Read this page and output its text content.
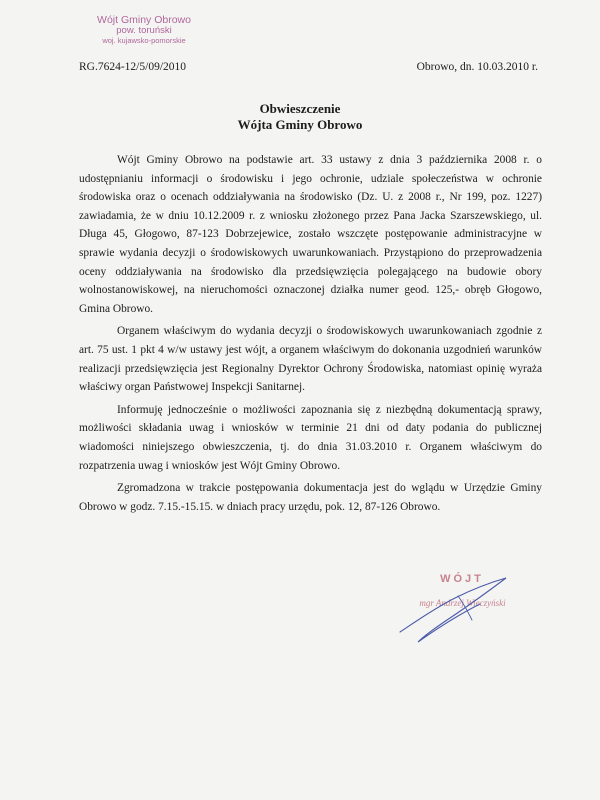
Wójt Gminy Obrowo
pow. toruński
woj. kujawsko-pomorskie
RG.7624-12/5/09/2010	Obrowo, dn. 10.03.2010 r.
Obwieszczenie
Wójta Gminy Obrowo

Wójt Gminy Obrowo na podstawie art. 33 ustawy z dnia 3 października 2008 r. o udostępnianiu informacji o środowisku i jego ochronie, udziale społeczeństwa w ochronie środowiska oraz o ocenach oddziaływania na środowisko (Dz. U. z 2008 r., Nr 199, poz. 1227) zawiadamia, że w dniu 10.12.2009 r. z wniosku złożonego przez Pana Jacka Szarszewskiego, ul. Długa 45, Głogowo, 87-123 Dobrzejewice, zostało wszczęte postępowanie administracyjne w sprawie wydania decyzji o środowiskowych uwarunkowaniach. Przystąpiono do przeprowadzenia oceny oddziaływania na środowisko dla przedsięwzięcia polegającego na budowie obory wolnostanowiskowej, na nieruchomości oznaczonej działka numer geod. 125,- obręb Głogowo, Gmina Obrowo.

Organem właściwym do wydania decyzji o środowiskowych uwarunkowaniach zgodnie z art. 75 ust. 1 pkt 4 w/w ustawy jest wójt, a organem właściwym do dokonania uzgodnień warunków realizacji przedsięwzięcia jest Regionalny Dyrektor Ochrony Środowiska, natomiast opinię wyraża właściwy organ Państwowej Inspekcji Sanitarnej.

Informuję jednocześnie o możliwości zapoznania się z niezbędną dokumentacją sprawy, możliwości składania uwag i wniosków w terminie 21 dni od daty podania do publicznej wiadomości niniejszego obwieszczenia, tj. do dnia 31.03.2010 r. Organem właściwym do rozpatrzenia uwag i wniosków jest Wójt Gminy Obrowo.

Zgromadzona w trakcie postępowania dokumentacja jest do wglądu w Urzędzie Gminy Obrowo w godz. 7.15.-15.15. w dniach pracy urzędu, pok. 12, 87-126 Obrowo.

WÓJT
mgr Andrzej Wieczyński
